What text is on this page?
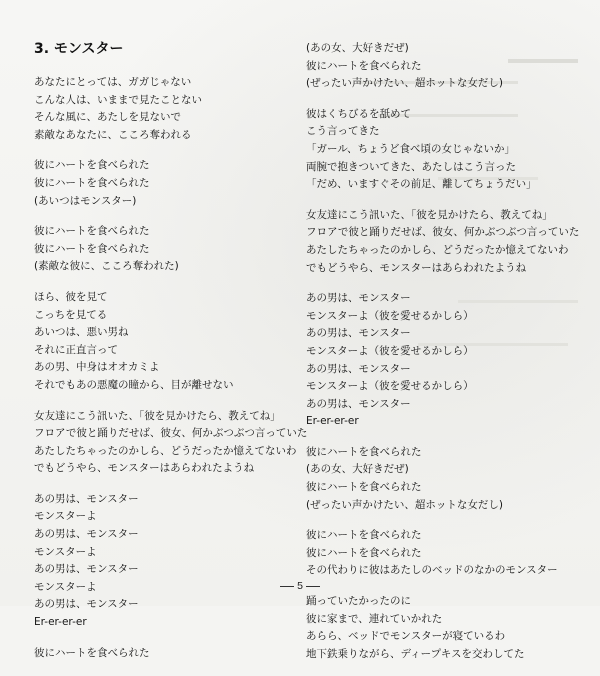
3. モンスター
あなたにとっては、ガガじゃない
こんな人は、いままで見たことない
そんな風に、あたしを見ないで
素敵なあなたに、こころ奪われる
彼にハートを食べられた
彼にハートを食べられた
(あいつはモンスター)
彼にハートを食べられた
彼にハートを食べられた
(素敵な彼に、こころ奪われた)
ほら、彼を見て
こっちを見てる
あいつは、悪い男ね
それに正直言って
あの男、中身はオオカミよ
それでもあの悪魔の瞳から、目が離せない
女友達にこう訊いた、「彼を見かけたら、教えてね」
フロアで彼と踊りだせば、彼女、何かぶつぶつ言っていた
あたしたちゃったのかしら、どうだったか憶えてないわ
でもどうやら、モンスターはあらわれたようね
あの男は、モンスター
モンスターよ
あの男は、モンスター
モンスターよ
あの男は、モンスター
モンスターよ
あの男は、モンスター
Er-er-er-er
彼にハートを食べられた
(あの女、大好きだぜ)
彼にハートを食べられた
(ぜったい声かけたい、超ホットな女だし)
彼はくちびるを舐めて
こう言ってきた
「ガール、ちょうど食べ頃の女じゃないか」
両腕で抱きついてきた、あたしはこう言った
「だめ、いますぐその前足、離してちょうだい」
女友達にこう訊いた、「彼を見かけたら、教えてね」
フロアで彼と踊りだせば、彼女、何かぶつぶつ言っていた
あたしたちゃったのかしら、どうだったか憶えてないわ
でもどうやら、モンスターはあらわれたようね
あの男は、モンスター
モンスターよ（彼を愛せるかしら）
あの男は、モンスター
モンスターよ（彼を愛せるかしら）
あの男は、モンスター
モンスターよ（彼を愛せるかしら）
あの男は、モンスター
Er-er-er-er
彼にハートを食べられた
(あの女、大好きだぜ)
彼にハートを食べられた
(ぜったい声かけたい、超ホットな女だし)
彼にハートを食べられた
彼にハートを食べられた
その代わりに彼はあたしのベッドのなかのモンスター
踊っていたかったのに
彼に家まで、連れていかれた
あらら、ベッドでモンスターが寝ているわ
地下鉄乗りながら、ディープキスを交わしてた
5
